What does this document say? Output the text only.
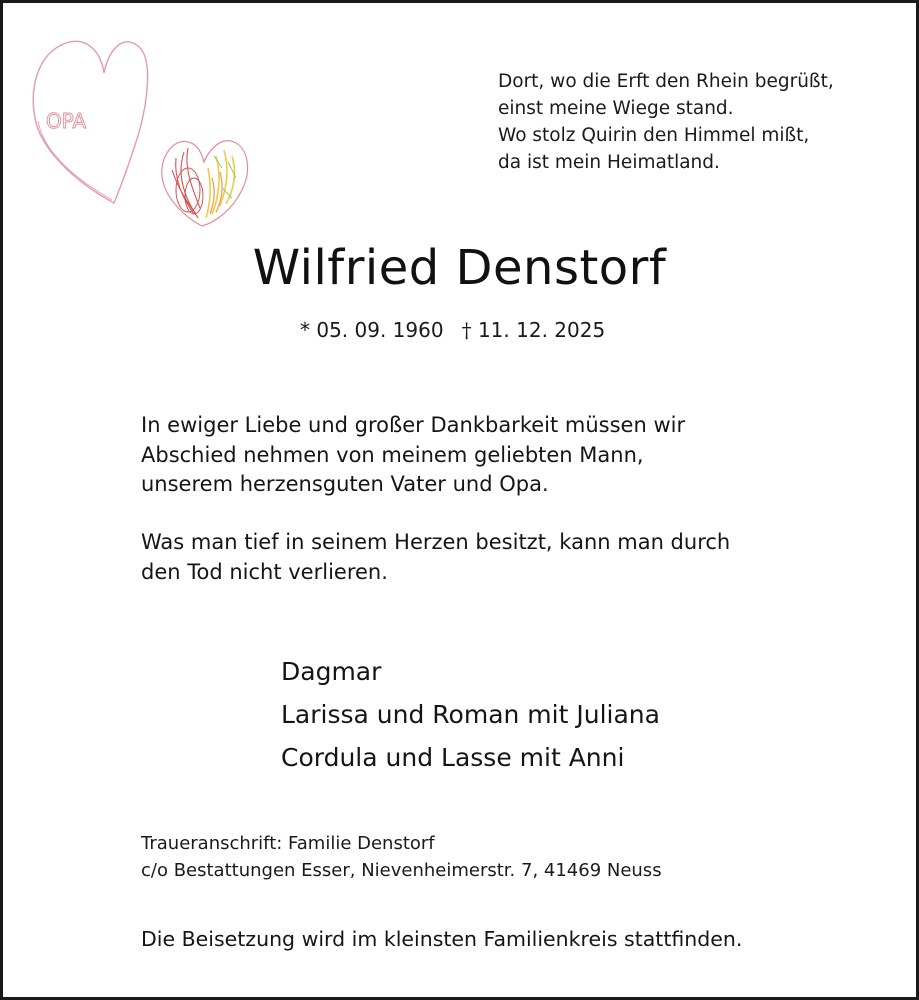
OPA
Dort, wo die Erft den Rhein begrüßt,
einst meine Wiege stand.
Wo stolz Quirin den Himmel mißt,
da ist mein Heimatland.
Wilfried Denstorf
* 05. 09. 1960 † 11. 12. 2025
In ewiger Liebe und großer Dankbarkeit müssen wir
Abschied nehmen von meinem geliebten Mann,
unserem herzensguten Vater und Opa.
Was man tief in seinem Herzen besitzt, kann man durch
den Tod nicht verlieren.
Dagmar
Larissa und Roman mit Juliana
Cordula und Lasse mit Anni
Traueranschrift: Familie Denstorf
c/o Bestattungen Esser, Nievenheimerstr. 7, 41469 Neuss
Die Beisetzung wird im kleinsten Familienkreis stattfinden.
